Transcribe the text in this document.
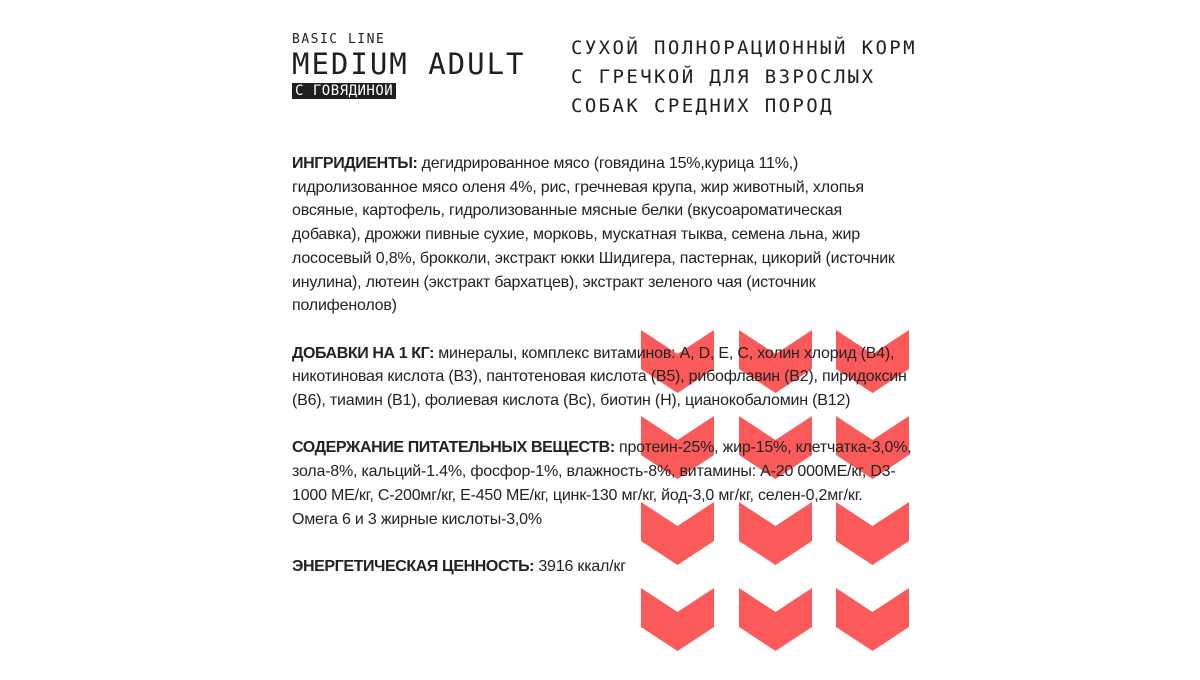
BASIC LINE
MEDIUM ADULT
С ГОВЯДИНОЙ
СУХОЙ ПОЛНОРАЦИОННЫЙ КОРМ С ГРЕЧКОЙ ДЛЯ ВЗРОСЛЫХ СОБАК СРЕДНИХ ПОРОД

ИНГРИДИЕНТЫ: дегидрированное мясо (говядина 15%,курица 11%,) гидролизованное мясо оленя 4%, рис, гречневая крупа, жир животный, хлопья овсяные, картофель, гидролизованные мясные белки (вкусоароматическая добавка), дрожжи пивные сухие, морковь, мускатная тыква, семена льна, жир лососевый 0,8%, брокколи, экстракт юкки Шидигера, пастернак, цикорий (источник инулина), лютеин (экстракт бархатцев), экстракт зеленого чая (источник полифенолов)

ДОБАВКИ НА 1 КГ: минералы, комплекс витаминов: A, D, E, C, холин хлорид (B4), никотиновая кислота (B3), пантотеновая кислота (B5), рибофлавин (B2), пиридоксин (B6), тиамин (B1), фолиевая кислота (Bc), биотин (H), цианокобаломин (B12)

СОДЕРЖАНИЕ ПИТАТЕЛЬНЫХ ВЕЩЕСТВ: протеин-25%, жир-15%, клетчатка-3,0%, зола-8%, кальций-1.4%, фосфор-1%, влажность-8%, витамины: А-20 000МЕ/кг, D3-1000 МЕ/кг, С-200мг/кг, Е-450 МЕ/кг, цинк-130 мг/кг, йод-3,0 мг/кг, селен-0,2мг/кг. Омега 6 и 3 жирные кислоты-3,0%

ЭНЕРГЕТИЧЕСКАЯ ЦЕННОСТЬ: 3916 ккал/кг
